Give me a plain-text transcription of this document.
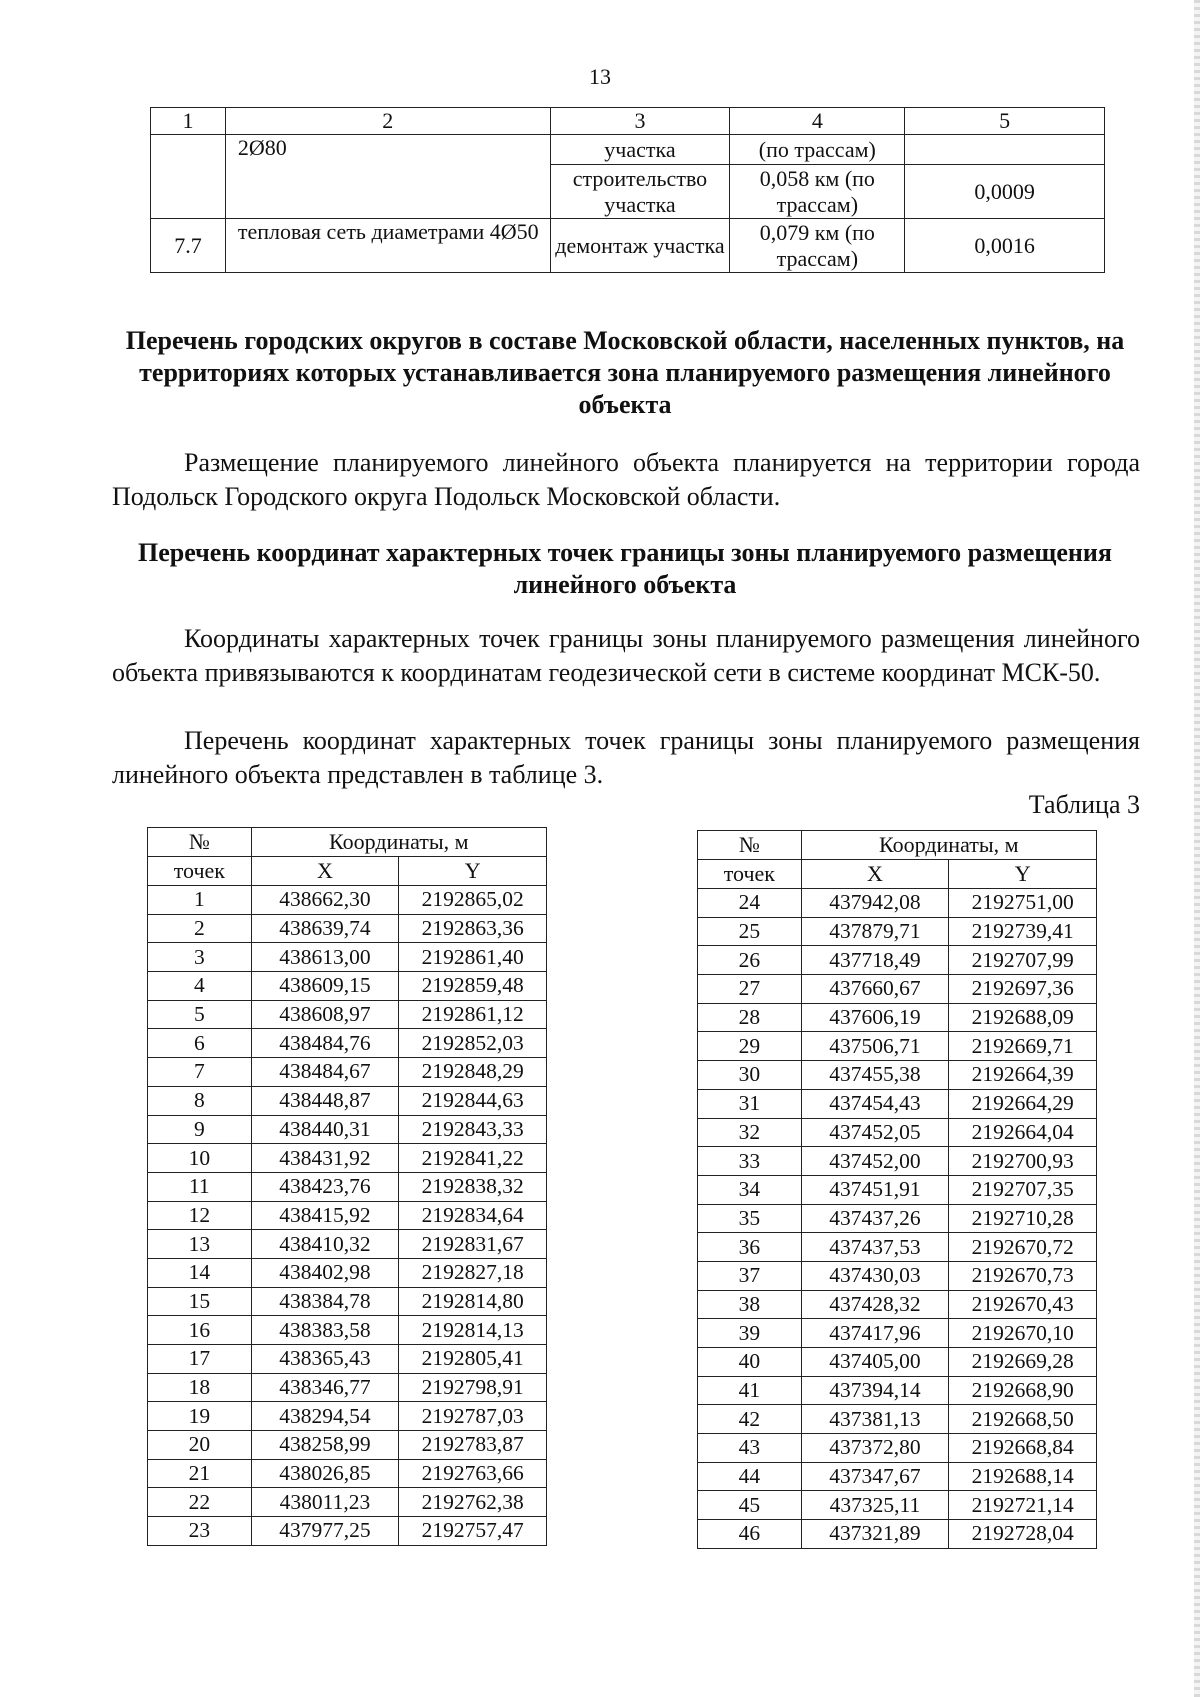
13
1	2	3	4	5
	2Ø80	участка	(по трассам)	
		строительство участка	0,058 км (по трассам)	0,0009
7.7	тепловая сеть диаметрами 4Ø50	демонтаж участка	0,079 км (по трассам)	0,0016
Перечень городских округов в составе Московской области, населенных пунктов, на территориях которых устанавливается зона планируемого размещения линейного объекта
Размещение планируемого линейного объекта планируется на территории города Подольск Городского округа Подольск Московской области.
Перечень координат характерных точек границы зоны планируемого размещения линейного объекта
Координаты характерных точек границы зоны планируемого размещения линейного объекта привязываются к координатам геодезической сети в системе координат МСК-50.
Перечень координат характерных точек границы зоны планируемого размещения линейного объекта представлен в таблице 3.
Таблица 3
№	Координаты, м	
точек	X	Y
1	438662,30	2192865,02
2	438639,74	2192863,36
3	438613,00	2192861,40
4	438609,15	2192859,48
5	438608,97	2192861,12
6	438484,76	2192852,03
7	438484,67	2192848,29
8	438448,87	2192844,63
9	438440,31	2192843,33
10	438431,92	2192841,22
11	438423,76	2192838,32
12	438415,92	2192834,64
13	438410,32	2192831,67
14	438402,98	2192827,18
15	438384,78	2192814,80
16	438383,58	2192814,13
17	438365,43	2192805,41
18	438346,77	2192798,91
19	438294,54	2192787,03
20	438258,99	2192783,87
21	438026,85	2192763,66
22	438011,23	2192762,38
23	437977,25	2192757,47
№	Координаты, м	
точек	X	Y
24	437942,08	2192751,00
25	437879,71	2192739,41
26	437718,49	2192707,99
27	437660,67	2192697,36
28	437606,19	2192688,09
29	437506,71	2192669,71
30	437455,38	2192664,39
31	437454,43	2192664,29
32	437452,05	2192664,04
33	437452,00	2192700,93
34	437451,91	2192707,35
35	437437,26	2192710,28
36	437437,53	2192670,72
37	437430,03	2192670,73
38	437428,32	2192670,43
39	437417,96	2192670,10
40	437405,00	2192669,28
41	437394,14	2192668,90
42	437381,13	2192668,50
43	437372,80	2192668,84
44	437347,67	2192688,14
45	437325,11	2192721,14
46	437321,89	2192728,04
